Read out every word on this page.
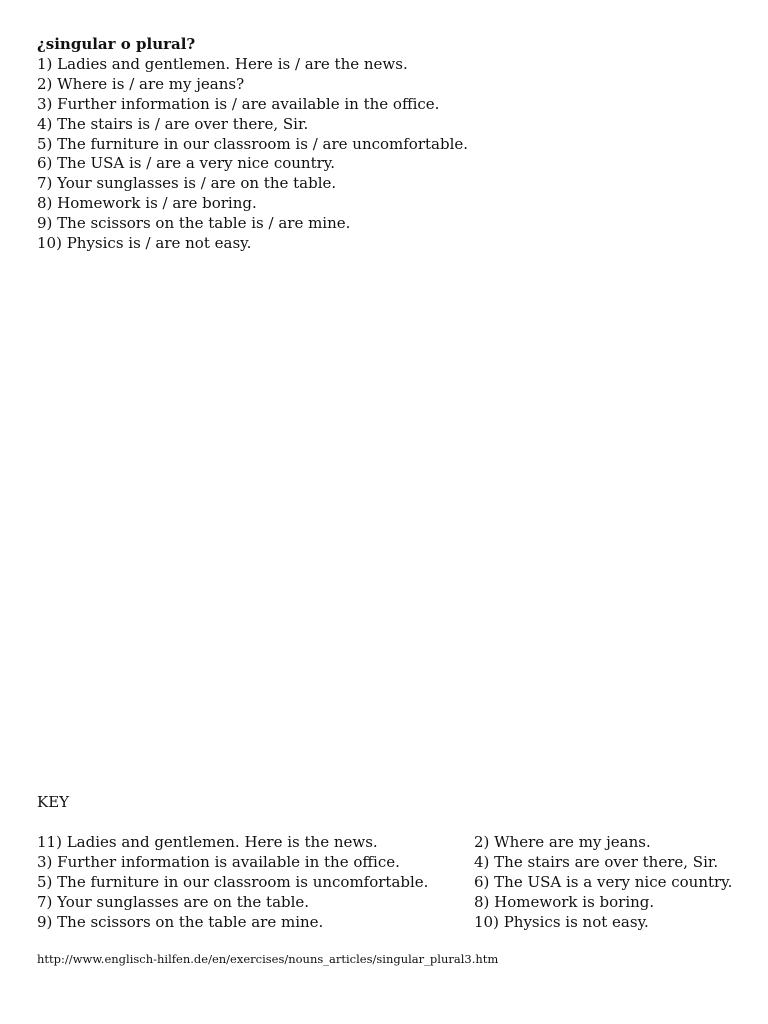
¿singular o plural?
1) Ladies and gentlemen. Here is / are the news.
2) Where is / are my jeans?
3) Further information is / are available in the office.
4) The stairs is / are over there, Sir.
5) The furniture in our classroom is / are uncomfortable.
6) The USA is / are a very nice country.
7) Your sunglasses is / are on the table.
8) Homework is / are boring.
9) The scissors on the table is / are mine.
10) Physics is / are not easy.
KEY
11) Ladies and gentlemen. Here is the news.	2) Where are my jeans.
3) Further information is available in the office.	4) The stairs are over there, Sir.
5) The furniture in our classroom is uncomfortable.	6) The USA is a very nice country.
7) Your sunglasses are on the table.	8) Homework is boring.
9) The scissors on the table are mine.	10) Physics is not easy.
http://www.englisch-hilfen.de/en/exercises/nouns_articles/singular_plural3.htm
